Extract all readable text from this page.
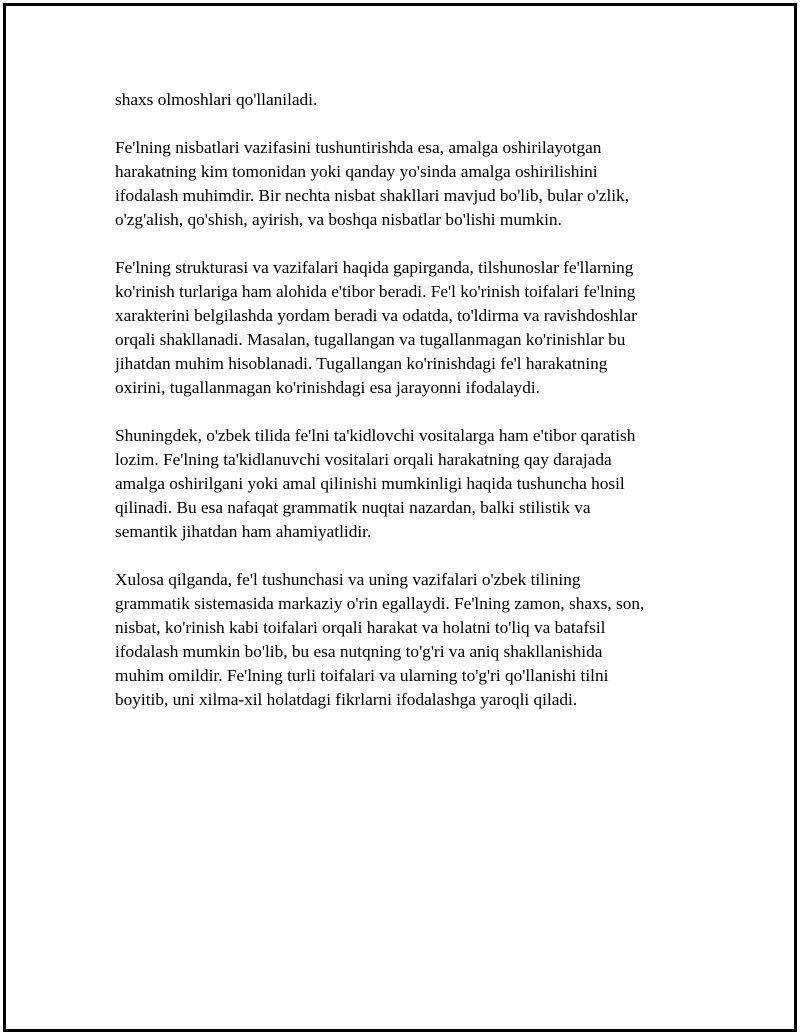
shaxs olmoshlari qo'llaniladi.

Fe'lning nisbatlari vazifasini tushuntirishda esa, amalga oshirilayotgan
harakatning kim tomonidan yoki qanday yo'sinda amalga oshirilishini
ifodalash muhimdir. Bir nechta nisbat shakllari mavjud bo'lib, bular o'zlik,
o'zg'alish, qo'shish, ayirish, va boshqa nisbatlar bo'lishi mumkin.

Fe'lning strukturasi va vazifalari haqida gapirganda, tilshunoslar fe'llarning
ko'rinish turlariga ham alohida e'tibor beradi. Fe'l ko'rinish toifalari fe'lning
xarakterini belgilashda yordam beradi va odatda, to'ldirma va ravishdoshlar
orqali shakllanadi. Masalan, tugallangan va tugallanmagan ko'rinishlar bu
jihatdan muhim hisoblanadi. Tugallangan ko'rinishdagi fe'l harakatning
oxirini, tugallanmagan ko'rinishdagi esa jarayonni ifodalaydi.

Shuningdek, o'zbek tilida fe'lni ta'kidlovchi vositalarga ham e'tibor qaratish
lozim. Fe'lning ta'kidlanuvchi vositalari orqali harakatning qay darajada
amalga oshirilgani yoki amal qilinishi mumkinligi haqida tushuncha hosil
qilinadi. Bu esa nafaqat grammatik nuqtai nazardan, balki stilistik va
semantik jihatdan ham ahamiyatlidir.

Xulosa qilganda, fe'l tushunchasi va uning vazifalari o'zbek tilining
grammatik sistemasida markaziy o'rin egallaydi. Fe'lning zamon, shaxs, son,
nisbat, ko'rinish kabi toifalari orqali harakat va holatni to'liq va batafsil
ifodalash mumkin bo'lib, bu esa nutqning to'g'ri va aniq shakllanishida
muhim omildir. Fe'lning turli toifalari va ularning to'g'ri qo'llanishi tilni
boyitib, uni xilma-xil holatdagi fikrlarni ifodalashga yaroqli qiladi.
